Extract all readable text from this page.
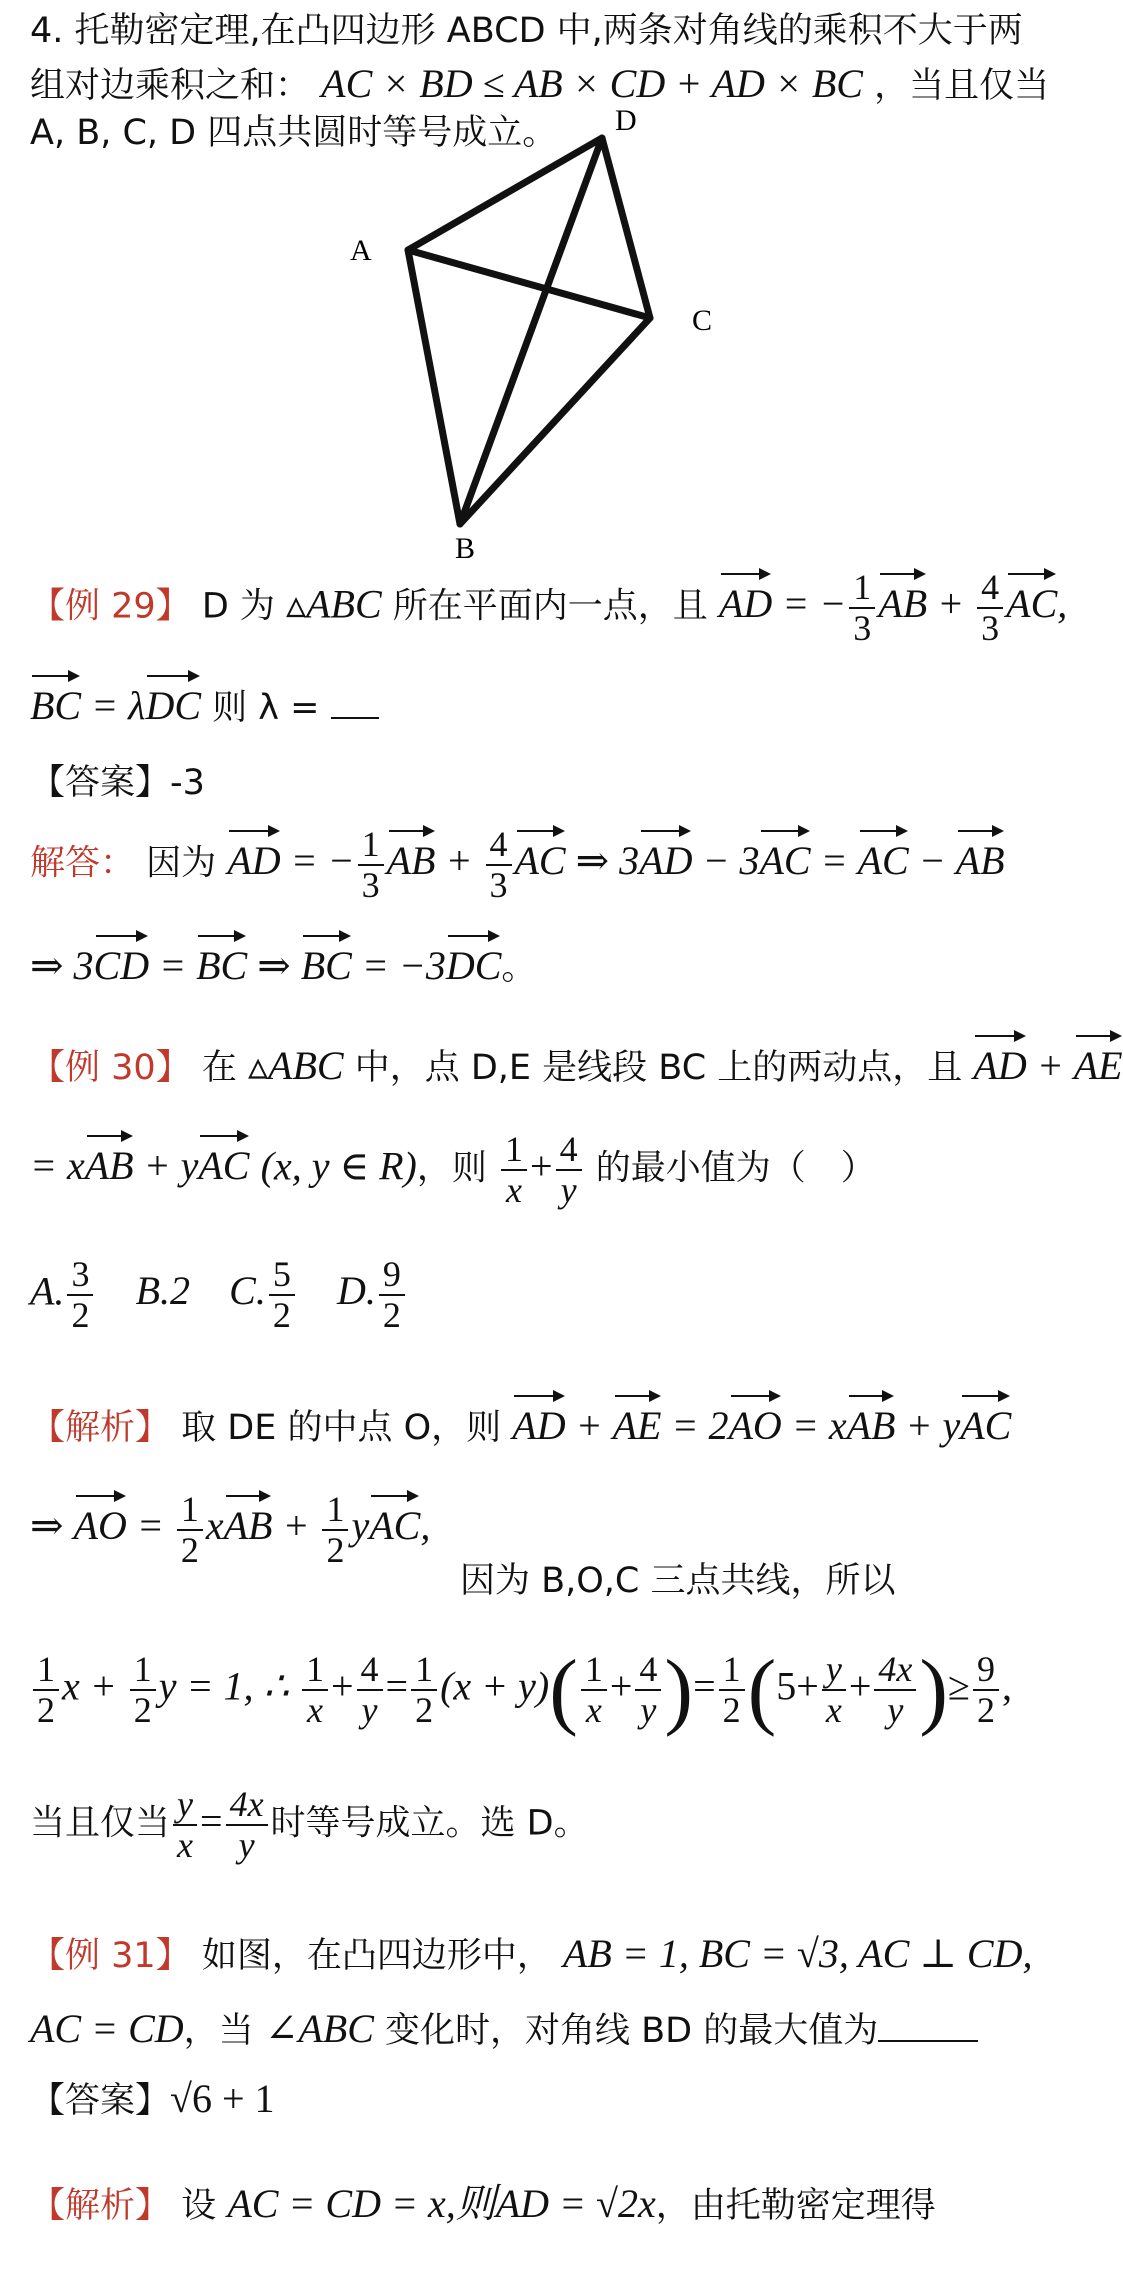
4. 托勒密定理,在凸四边形 ABCD 中,两条对角线的乘积不大于两
组对边乘积之和： AC × BD ≤ AB × CD + AD × BC ，当且仅当
A, B, C, D 四点共圆时等号成立。
A
D
C
B
【例 29】 D 为 ▵ABC 所在平面内一点，且 AD = − $\frac{1}{3}$ AB + $\frac{4}{3}$ AC,
BC = λDC 则 λ =
【答案】-3
解答： 因为 AD = − $\frac{1}{3}$ AB + $\frac{4}{3}$ AC ⇒ 3AD − 3AC = AC − AB
⇒ 3CD = BC ⇒ BC = −3DC。
【例 30】 在 ▵ABC 中，点 D,E 是线段 BC 上的两动点，且 AD + AE
= xAB + yAC (x, y ∈ R)，则 $\frac{1}{x} + \frac{4}{y}$ 的最小值为（　）
A. $\frac{3}{2} B.2$ C. $\frac{5}{2} D$. $\frac{9}{2}$
【解析】 取 DE 的中点 O，则 AD + AE = 2AO = xAB + yAC
⇒ AO = $\frac{1}{2}$ xAB + $\frac{1}{2}$ yAC,
因为 B,O,C 三点共线，所以
$\frac{1}{2}$ $x + \frac{1}{2}$ y = 1, ∴ $\frac{1}{x} + \frac{4}{y} = \frac{1}{2} (x + y)( \frac{1}{x} + \frac{4}{y}$ )= $\frac{1}{2} (5+ \frac{y}{x} + \frac{4x}{y}$ )≥ $\frac{9}{2}$ ,
当且仅当 $\frac{y}{x} = \frac{4x}{y}$ 时等号成立。选 D。
【例 31】 如图，在凸四边形中， AB = 1, BC = √3, AC ⊥ CD,
AC = CD，当 ∠ABC 变化时，对角线 BD 的最大值为
【答案】√6 + 1
【解析】 设 AC = CD = x,则AD = √2x，由托勒密定理得
